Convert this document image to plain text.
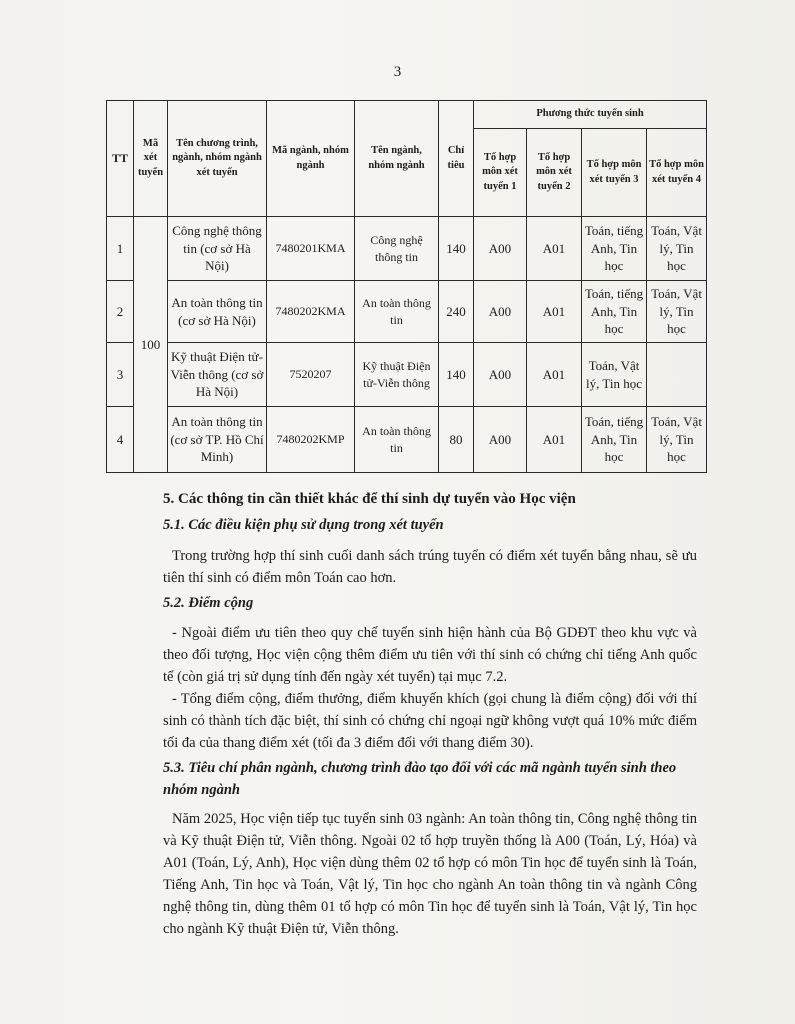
3
TT	Mã xét tuyển	Tên chương trình, ngành, nhóm ngành xét tuyển	Mã ngành, nhóm ngành	Tên ngành, nhóm ngành	Chỉ tiêu	Phương thức tuyển sinh			
						Tổ hợp môn xét tuyển 1	Tổ hợp môn xét tuyển 2	Tổ hợp môn xét tuyển 3	Tổ hợp môn xét tuyển 4
1	100	Công nghệ thông tin (cơ sở Hà Nội)	7480201KMA	Công nghệ thông tin	140	A00	A01	Toán, tiếng Anh, Tin học	Toán, Vật lý, Tin học
2		An toàn thông tin (cơ sở Hà Nội)	7480202KMA	An toàn thông tin	240	A00	A01	Toán, tiếng Anh, Tin học	Toán, Vật lý, Tin học
3		Kỹ thuật Điện tử-Viễn thông (cơ sở Hà Nội)	7520207	Kỹ thuật Điện tử-Viễn thông	140	A00	A01	Toán, Vật lý, Tin học	
4		An toàn thông tin (cơ sở TP. Hồ Chí Minh)	7480202KMP	An toàn thông tin	80	A00	A01	Toán, tiếng Anh, Tin học	Toán, Vật lý, Tin học
5. Các thông tin cần thiết khác để thí sinh dự tuyển vào Học viện
5.1. Các điều kiện phụ sử dụng trong xét tuyển

Trong trường hợp thí sinh cuối danh sách trúng tuyển có điểm xét tuyển bằng nhau, sẽ ưu tiên thí sinh có điểm môn Toán cao hơn.

5.2. Điểm cộng

- Ngoài điểm ưu tiên theo quy chế tuyển sinh hiện hành của Bộ GDĐT theo khu vực và theo đối tượng, Học viện cộng thêm điểm ưu tiên với thí sinh có chứng chỉ tiếng Anh quốc tế (còn giá trị sử dụng tính đến ngày xét tuyển) tại mục 7.2.

- Tổng điểm cộng, điểm thưởng, điểm khuyến khích (gọi chung là điểm cộng) đối với thí sinh có thành tích đặc biệt, thí sinh có chứng chỉ ngoại ngữ không vượt quá 10% mức điểm tối đa của thang điểm xét (tối đa 3 điểm đối với thang điểm 30).

5.3. Tiêu chí phân ngành, chương trình đào tạo đối với các mã ngành tuyển sinh theo nhóm ngành

Năm 2025, Học viện tiếp tục tuyển sinh 03 ngành: An toàn thông tin, Công nghệ thông tin và Kỹ thuật Điện tử, Viễn thông. Ngoài 02 tổ hợp truyền thống là A00 (Toán, Lý, Hóa) và A01 (Toán, Lý, Anh), Học viện dùng thêm 02 tổ hợp có môn Tin học để tuyển sinh là Toán, Tiếng Anh, Tin học và Toán, Vật lý, Tin học cho ngành An toàn thông tin và ngành Công nghệ thông tin, dùng thêm 01 tổ hợp có môn Tin học để tuyển sinh là Toán, Vật lý, Tin học cho ngành Kỹ thuật Điện tử, Viễn thông.
